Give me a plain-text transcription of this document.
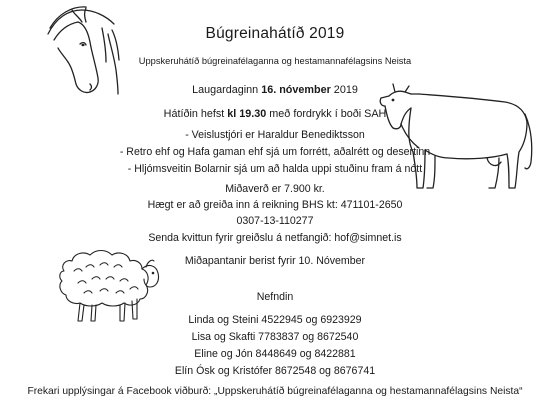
Búgreinahátíð 2019
Uppskeruhátíð búgreinafélaganna og hestamannafélagsins Neista
Laugardaginn 16. nóvember 2019
Hátíðin hefst kl 19.30 með fordrykk í boði SAH
- Veislustjóri er Haraldur Benediktsson
- Retro ehf og Hafa gaman ehf sjá um forrétt, aðalrétt og desertinn
- Hljómsveitin Bolarnir sjá um að halda uppi stuðinu fram á nótt
Miðaverð er 7.900 kr.
Hægt er að greiða inn á reikning BHS kt: 471101-2650
0307-13-110277
Senda kvittun fyrir greiðslu á netfangið: hof@simnet.is
Miðapantanir berist fyrir 10. Nóvember
Nefndin
Linda og Steini 4522945 og 6923929
Lisa og Skafti 7783837 og 8672540
Eline og Jón 8448649 og 8422881
Elín Ósk og Kristófer 8672548 og 8676741
Frekari upplýsingar á Facebook viðburð: „Uppskeruhátíð búgreinafélaganna og hestamannafélagsins Neista“
